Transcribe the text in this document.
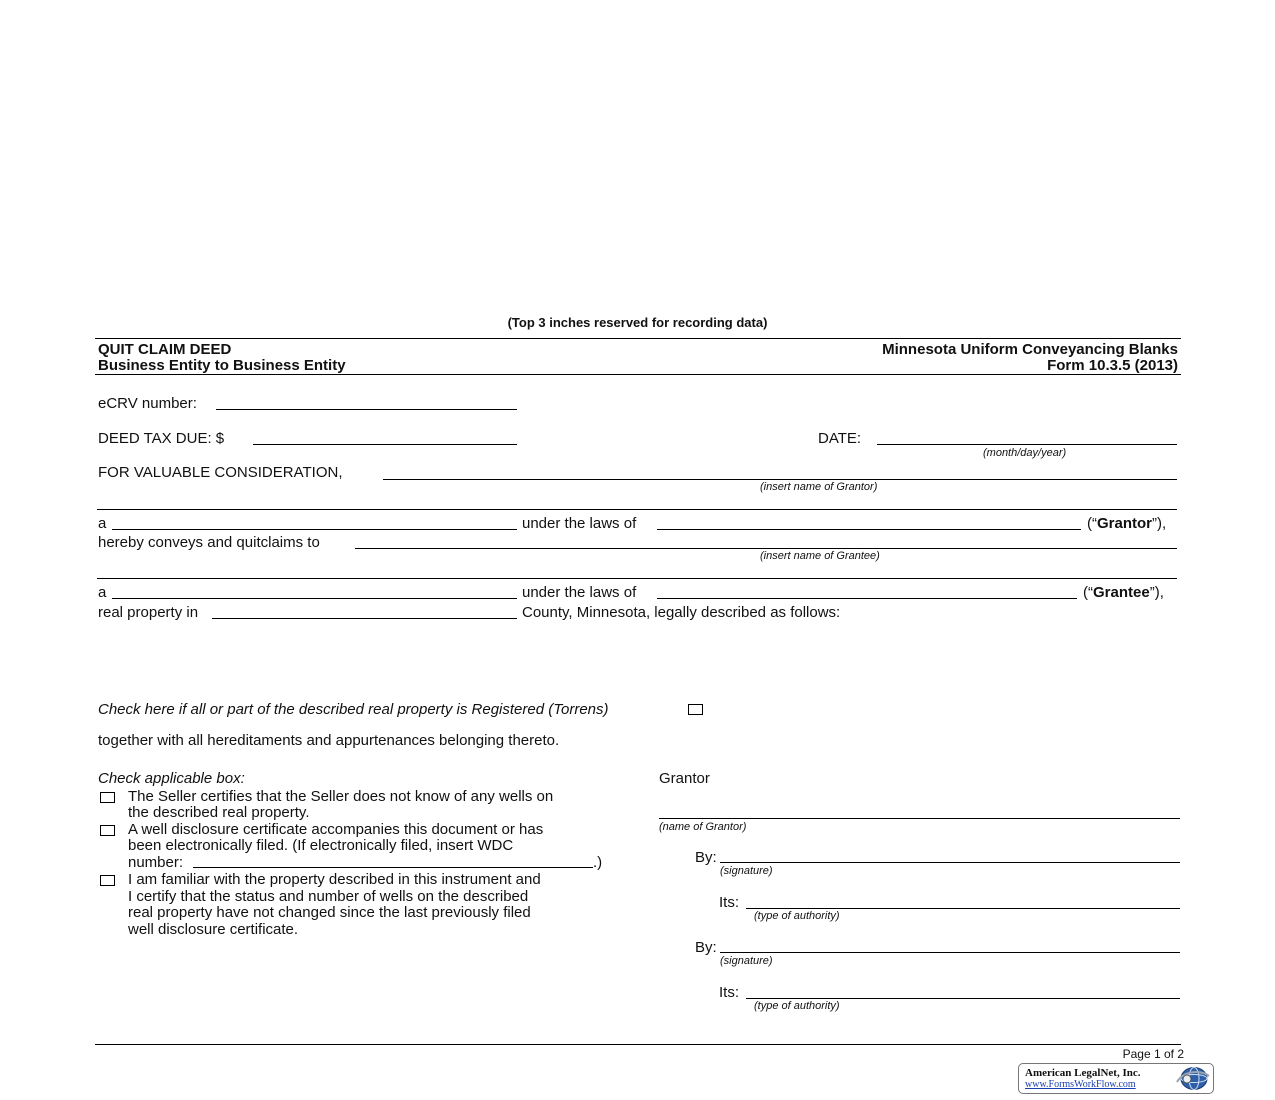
(Top 3 inches reserved for recording data)
QUIT CLAIM DEED
Business Entity to Business Entity
Minnesota Uniform Conveyancing Blanks
Form 10.3.5 (2013)
eCRV number:
DEED TAX DUE: $	DATE:
(month/day/year)
FOR VALUABLE CONSIDERATION,
(insert name of Grantor)
a	under the laws of	(“Grantor”),
hereby conveys and quitclaims to
(insert name of Grantee)
a	under the laws of	(“Grantee”),
real property in	County, Minnesota, legally described as follows:
Check here if all or part of the described real property is Registered (Torrens)
together with all hereditaments and appurtenances belonging thereto.
Check applicable box:
The Seller certifies that the Seller does not know of any wells on
the described real property.
A well disclosure certificate accompanies this document or has
been electronically filed. (If electronically filed, insert WDC
number:	.)
I am familiar with the property described in this instrument and
I certify that the status and number of wells on the described
real property have not changed since the last previously filed
well disclosure certificate.
Grantor
(name of Grantor)
By:
(signature)
Its:
(type of authority)
By:
(signature)
Its:
(type of authority)
Page 1 of 2
American LegalNet, Inc.
www.FormsWorkFlow.com
